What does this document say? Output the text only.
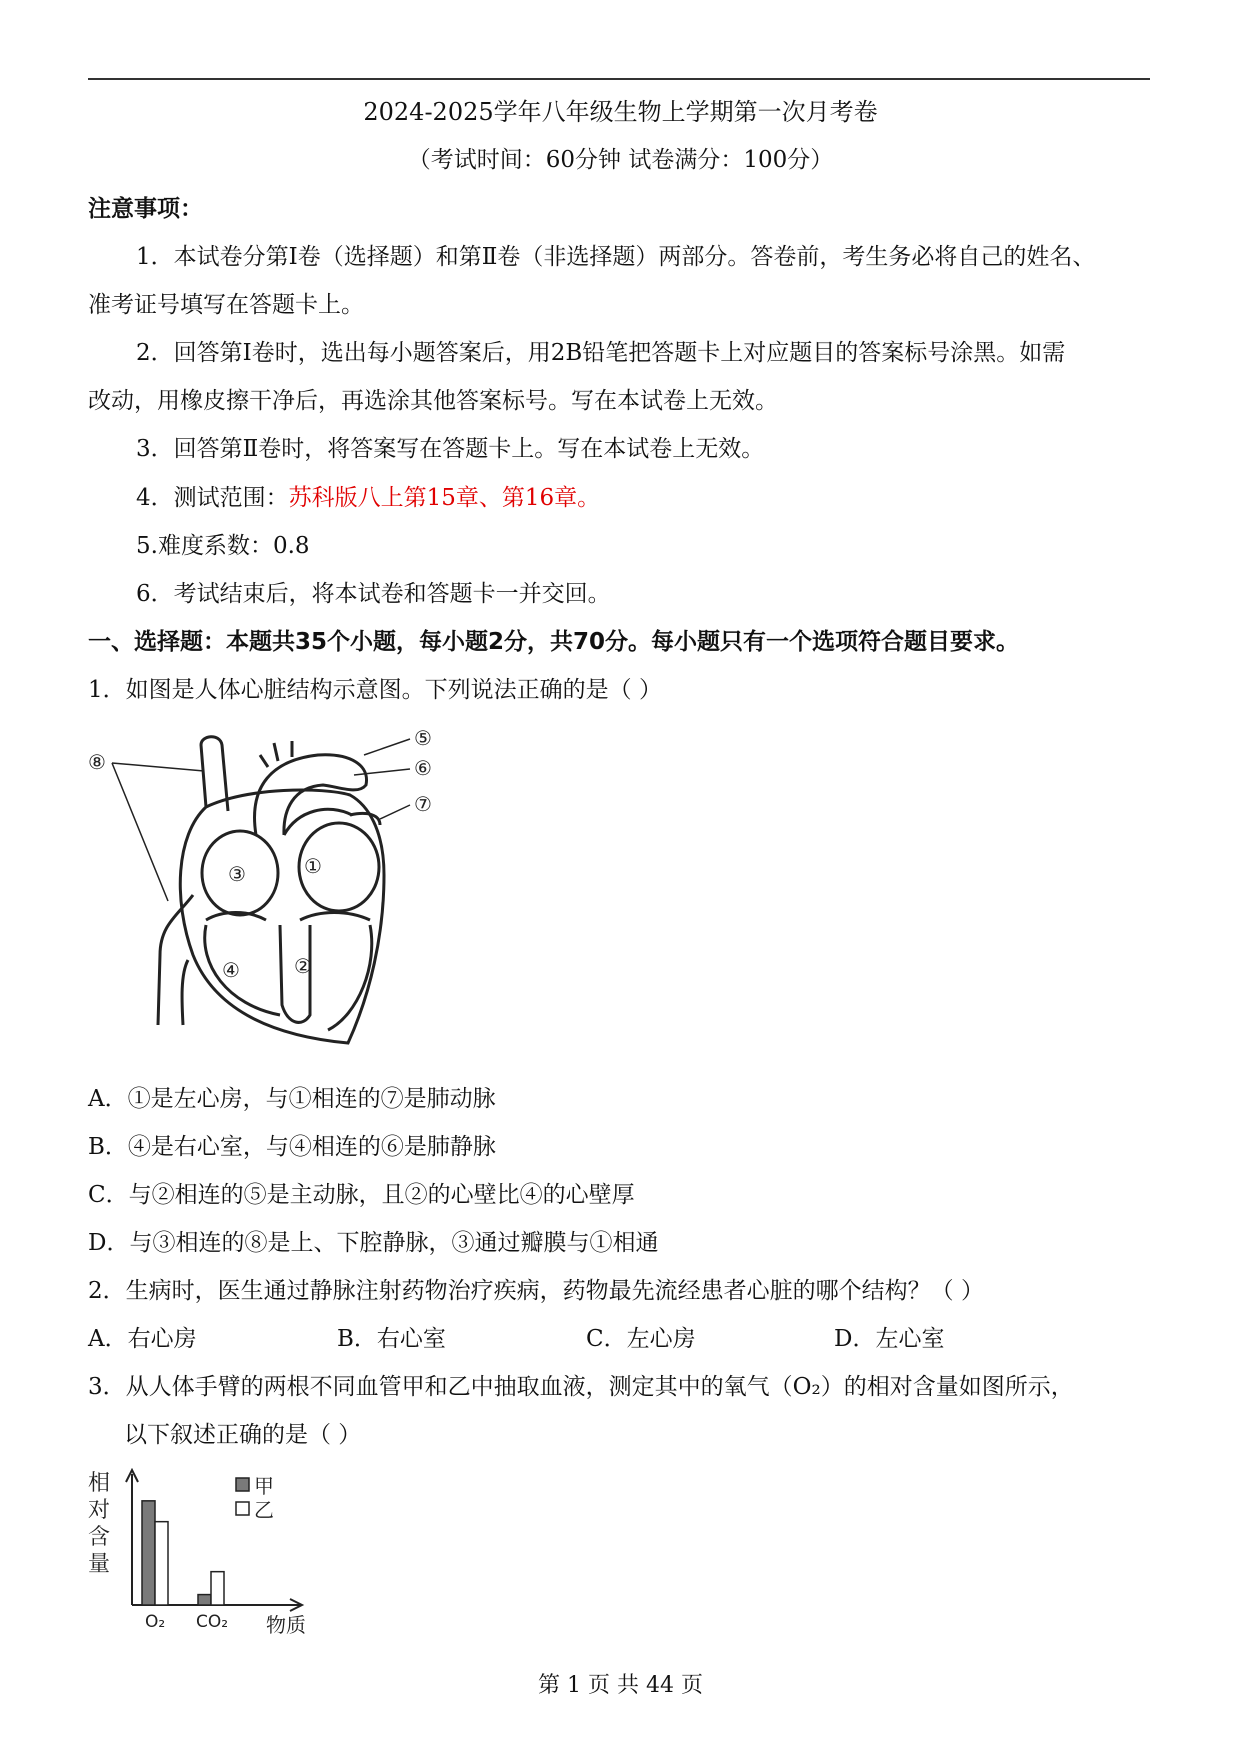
2024-2025学年八年级生物上学期第一次月考卷
（考试时间：60分钟 试卷满分：100分）
注意事项：
1．本试卷分第Ⅰ卷（选择题）和第Ⅱ卷（非选择题）两部分。答卷前，考生务必将自己的姓名、
准考证号填写在答题卡上。
2．回答第Ⅰ卷时，选出每小题答案后，用2B铅笔把答题卡上对应题目的答案标号涂黑。如需
改动，用橡皮擦干净后，再选涂其他答案标号。写在本试卷上无效。
3．回答第Ⅱ卷时，将答案写在答题卡上。写在本试卷上无效。
4．测试范围：苏科版八上第15章、第16章。
5.难度系数：0.8
6．考试结束后，将本试卷和答题卡一并交回。
一、选择题：本题共35个小题，每小题2分，共70分。每小题只有一个选项符合题目要求。
1．如图是人体心脏结构示意图。下列说法正确的是（ ）
①
②
③
④
⑤
⑥
⑦
⑧
A．①是左心房，与①相连的⑦是肺动脉
B．④是右心室，与④相连的⑥是肺静脉
C．与②相连的⑤是主动脉，且②的心壁比④的心壁厚
D．与③相连的⑧是上、下腔静脉，③通过瓣膜与①相通
2．生病时，医生通过静脉注射药物治疗疾病，药物最先流经患者心脏的哪个结构？（ ）
A．右心房	B．右心室	C．左心房	D．左心室
3．从人体手臂的两根不同血管甲和乙中抽取血液，测定其中的氧气（O₂）的相对含量如图所示，
以下叙述正确的是（ ）
相
对
含
量
O₂ CO₂ 物质
甲
乙
第 1 页 共 44 页
